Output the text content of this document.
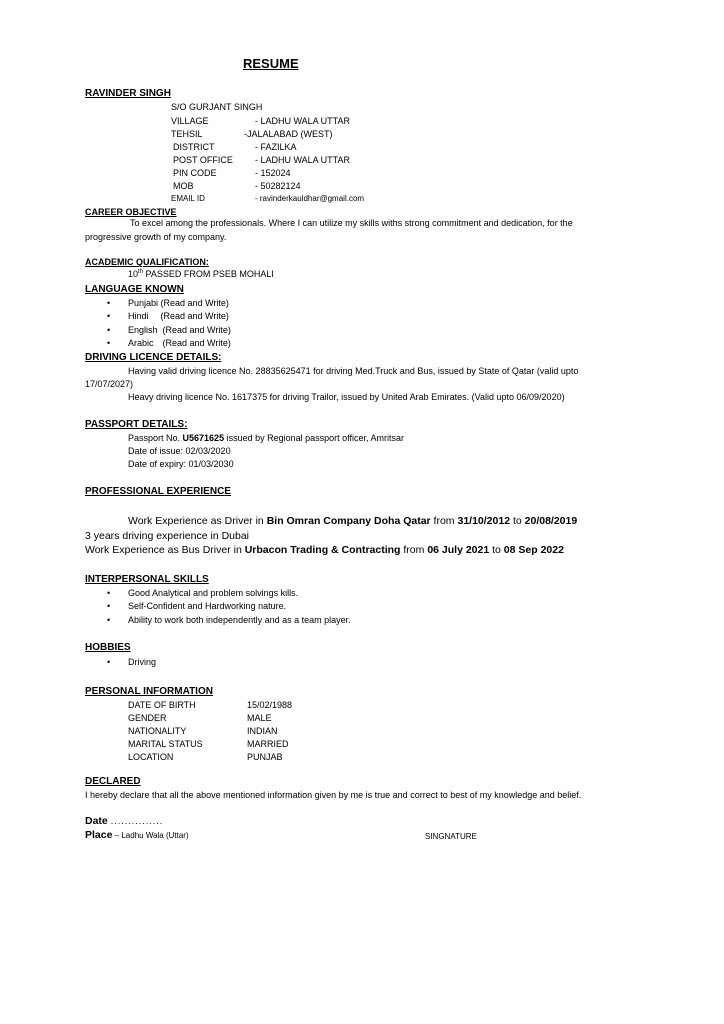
RESUME
RAVINDER SINGH
S/O GURJANT SINGH
VILLAGE	- LADHU WALA UTTAR
TEHSIL	-JALALABAD (WEST)
DISTRICT	- FAZILKA
POST OFFICE - LADHU WALA UTTAR
PIN CODE	- 152024
MOB	- 50282124
EMAIL ID	- ravinderkauldhar@gmail.com
CAREER OBJECTIVE
To excel among the professionals. Where I can utilize my skills withs strong commitment and dedication, for the
progressive growth of my company.
ACADEMIC QUALIFICATION:
10th PASSED FROM PSEB MOHALI
LANGUAGE KNOWN
• Punjabi (Read and Write)
• Hindi (Read and Write)
• English (Read and Write)
• Arabic (Read and Write)
DRIVING LICENCE DETAILS:
Having valid driving licence No. 28835625471 for driving Med.Truck and Bus, issued by State of Qatar (valid upto
17/07/2027)
Heavy driving licence No. 1617375 for driving Trailor, issued by United Arab Emirates. (Valid upto 06/09/2020)
PASSPORT DETAILS:
Passport No. U5671625 issued by Regional passport officer, Amritsar
Date of issue: 02/03/2020
Date of expiry: 01/03/2030
PROFESSIONAL EXPERIENCE
Work Experience as Driver in Bin Omran Company Doha Qatar from 31/10/2012 to 20/08/2019
3 years driving experience in Dubai
Work Experience as Bus Driver in Urbacon Trading & Contracting from 06 July 2021 to 08 Sep 2022
INTERPERSONAL SKILLS
• Good Analytical and problem solvings kills.
• Self-Confident and Hardworking nature.
• Ability to work both independently and as a team player.
HOBBIES
• Driving
PERSONAL INFORMATION
DATE OF BIRTH	15/02/1988
GENDER	MALE
NATIONALITY	INDIAN
MARITAL STATUS	MARRIED
LOCATION	PUNJAB
DECLARED
I hereby declare that all the above mentioned information given by me is true and correct to best of my knowledge and belief.
Date ...............
Place – Ladhu Wala (Uttar)	SINGNATURE
